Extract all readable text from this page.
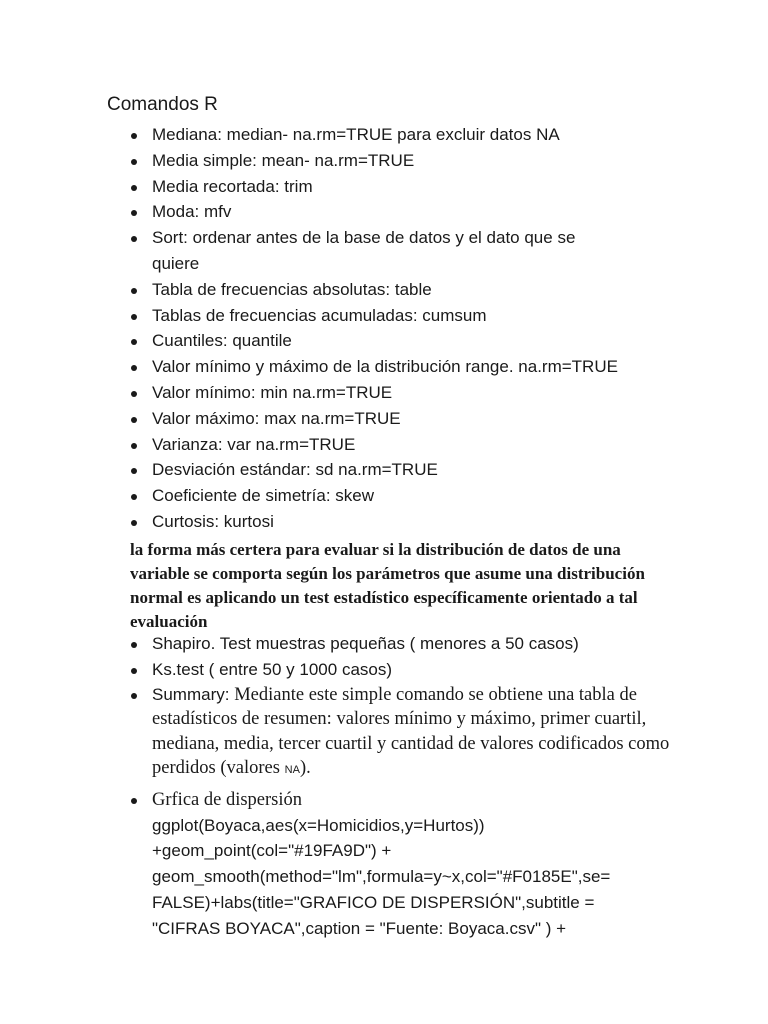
Comandos R
Mediana: median- na.rm=TRUE para excluir datos NA
Media simple: mean- na.rm=TRUE
Media recortada: trim
Moda: mfv
Sort: ordenar antes de la base de datos y el dato que se quiere
Tabla de frecuencias absolutas: table
Tablas de frecuencias acumuladas: cumsum
Cuantiles: quantile
Valor mínimo y máximo de la distribución range. na.rm=TRUE
Valor mínimo: min na.rm=TRUE
Valor máximo: max na.rm=TRUE
Varianza: var na.rm=TRUE
Desviación estándar: sd na.rm=TRUE
Coeficiente de simetría: skew
Curtosis: kurtosi

la forma más certera para evaluar si la distribución de datos de una variable se comporta según los parámetros que asume una distribución normal es aplicando un test estadístico específicamente orientado a tal evaluación

Shapiro. Test muestras pequeñas ( menores a 50 casos)
Ks.test ( entre 50 y 1000 casos)
Summary: Mediante este simple comando se obtiene una tabla de estadísticos de resumen: valores mínimo y máximo, primer cuartil, mediana, media, tercer cuartil y cantidad de valores codificados como perdidos (valores NA).
Grfica de dispersión
ggplot(Boyaca,aes(x=Homicidios,y=Hurtos))
+geom_point(col="#19FA9D") +
geom_smooth(method="lm",formula=y~x,col="#F0185E",se=
FALSE)+labs(title="GRAFICO DE DISPERSIÓN",subtitle =
"CIFRAS BOYACA",caption = "Fuente: Boyaca.csv" ) +
